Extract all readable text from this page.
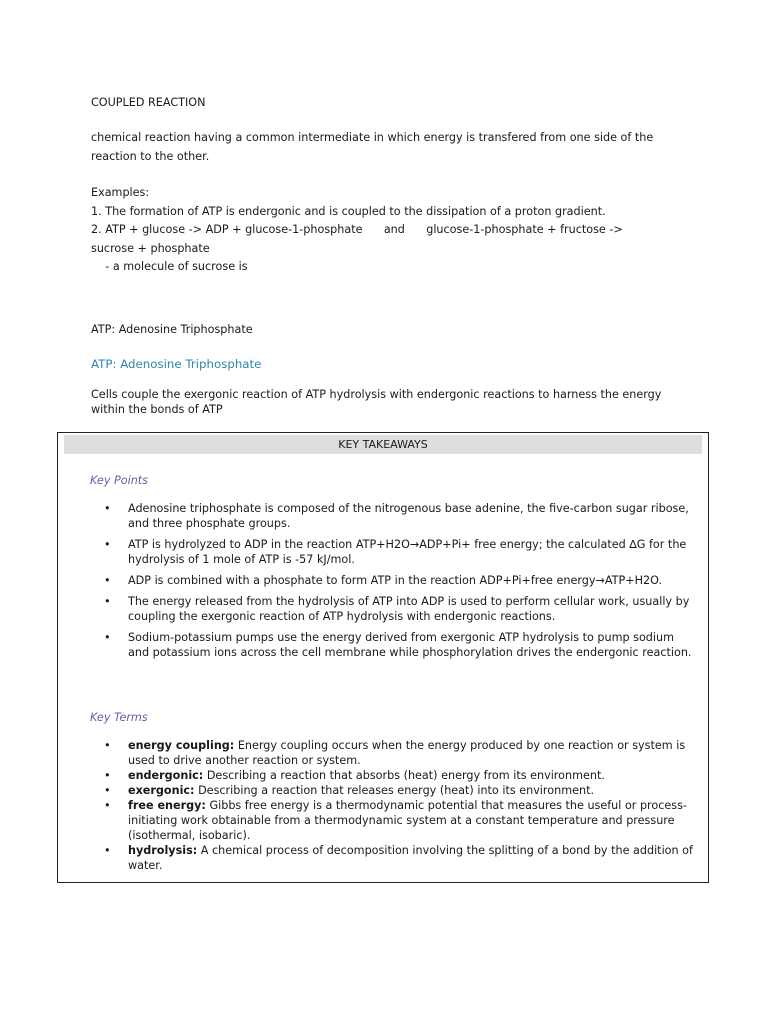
COUPLED REACTION
chemical reaction having a common intermediate in which energy is transfered from one side of the reaction to the other.
Examples:
1. The formation of ATP is endergonic and is coupled to the dissipation of a proton gradient.
2. ATP + glucose -> ADP + glucose-1-phosphate      and      glucose-1-phosphate + fructose ->
sucrose + phosphate
- a molecule of sucrose is
ATP: Adenosine Triphosphate
ATP: Adenosine Triphosphate
Cells couple the exergonic reaction of ATP hydrolysis with endergonic reactions to harness the energy within the bonds of ATP
KEY TAKEAWAYS
Key Points
• Adenosine triphosphate is composed of the nitrogenous base adenine, the five-carbon sugar ribose, and three phosphate groups.
• ATP is hydrolyzed to ADP in the reaction ATP+H2O→ADP+Pi+ free energy; the calculated ∆G for the hydrolysis of 1 mole of ATP is -57 kJ/mol.
• ADP is combined with a phosphate to form ATP in the reaction ADP+Pi+free energy→ATP+H2O.
• The energy released from the hydrolysis of ATP into ADP is used to perform cellular work, usually by coupling the exergonic reaction of ATP hydrolysis with endergonic reactions.
• Sodium-potassium pumps use the energy derived from exergonic ATP hydrolysis to pump sodium and potassium ions across the cell membrane while phosphorylation drives the endergonic reaction.
Key Terms
• energy coupling: Energy coupling occurs when the energy produced by one reaction or system is used to drive another reaction or system.
• endergonic: Describing a reaction that absorbs (heat) energy from its environment.
• exergonic: Describing a reaction that releases energy (heat) into its environment.
• free energy: Gibbs free energy is a thermodynamic potential that measures the useful or process-initiating work obtainable from a thermodynamic system at a constant temperature and pressure (isothermal, isobaric).
• hydrolysis: A chemical process of decomposition involving the splitting of a bond by the addition of water.
